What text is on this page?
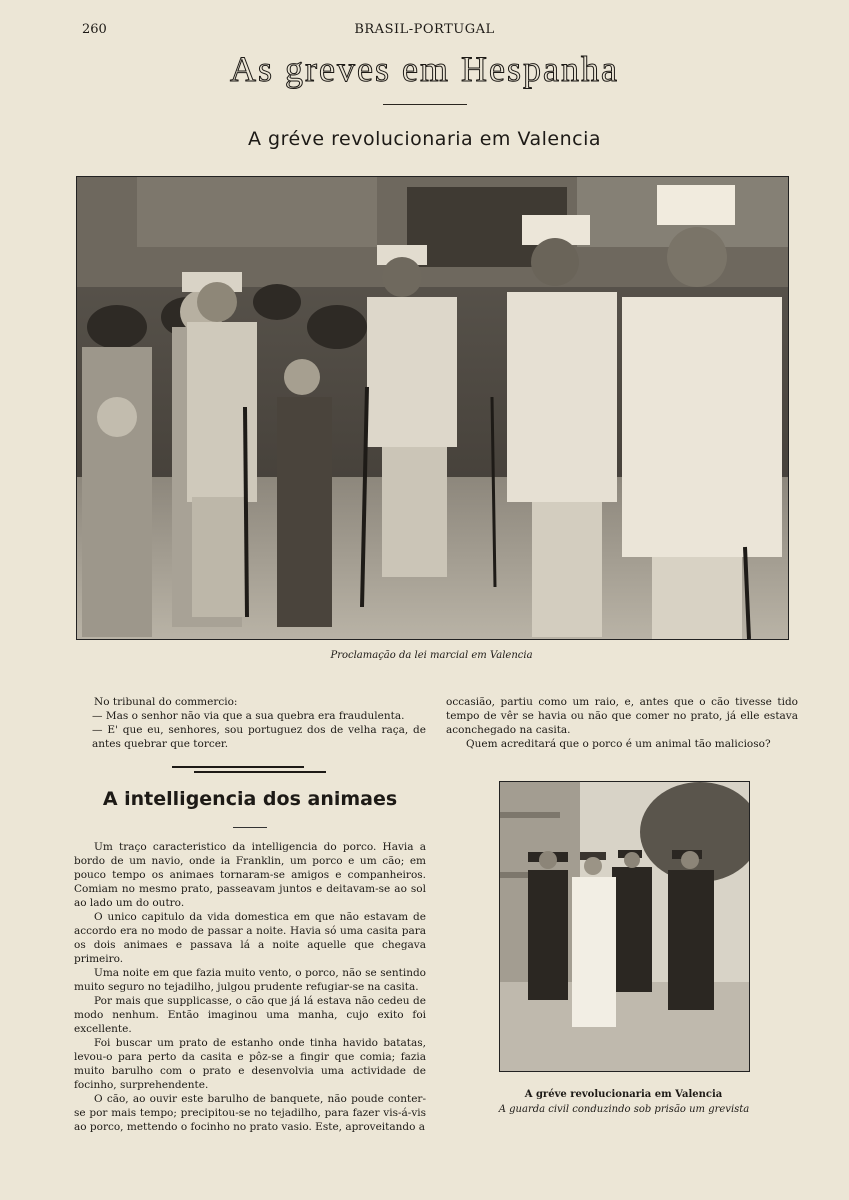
260	BRASIL-PORTUGAL
As greves em Hespanha
A gréve revolucionaria em Valencia
Proclamação da lei marcial em Valencia
No tribunal do commercio:
— Mas o senhor não via que a sua quebra era fraudulenta.
— E' que eu, senhores, sou portuguez dos de velha raça, de antes quebrar que torcer.
occasião, partiu como um raio, e, antes que o cão tivesse tido tempo de vêr se havia ou não que comer no prato, já elle estava aconchegado na casita.
Quem acreditará que o porco é um animal tão malicioso?
A intelligencia dos animaes
Um traço caracteristico da intelligencia do porco. Havia a bordo de um navio, onde ia Franklin, um porco e um cão; em pouco tempo os animaes tornaram-se amigos e companheiros. Comiam no mesmo prato, passeavam juntos e deitavam-se ao sol ao lado um do outro.
O unico capitulo da vida domestica em que não estavam de accordo era no modo de passar a noite. Havia só uma casita para os dois animaes e passava lá a noite aquelle que chegava primeiro.
Uma noite em que fazia muito vento, o porco, não se sentindo muito seguro no tejadilho, julgou prudente refugiar-se na casita.
Por mais que supplicasse, o cão que já lá estava não cedeu de modo nenhum. Então imaginou uma manha, cujo exito foi excellente.
Foi buscar um prato de estanho onde tinha havido batatas, levou-o para perto da casita e pôz-se a fingir que comia; fazia muito barulho com o prato e desenvolvia uma actividade de focinho, surprehendente.
O cão, ao ouvir este barulho de banquete, não poude conter-se por mais tempo; precipitou-se no tejadilho, para fazer vis-á-vis ao porco, mettendo o focinho no prato vasio. Este, aproveitando a
A gréve revolucionaria em Valencia
A guarda civil conduzindo sob prisão um grevista
